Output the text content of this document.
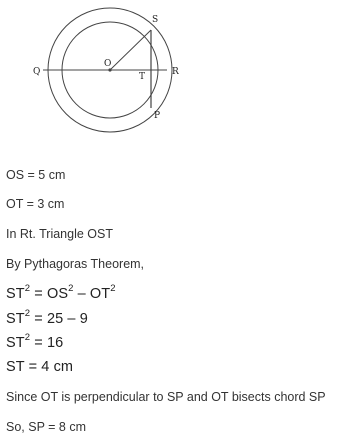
S
Q
O
T	R
P
OS = 5 cm
OT = 3 cm
In Rt. Triangle OST
By Pythagoras Theorem,
$ST^2 = OS^2 - OT^2$
$ST^2 = 25 - 9$
$ST^2 = 16$
ST = 4 cm
Since OT is perpendicular to SP and OT bisects chord SP
So, SP = 8 cm
